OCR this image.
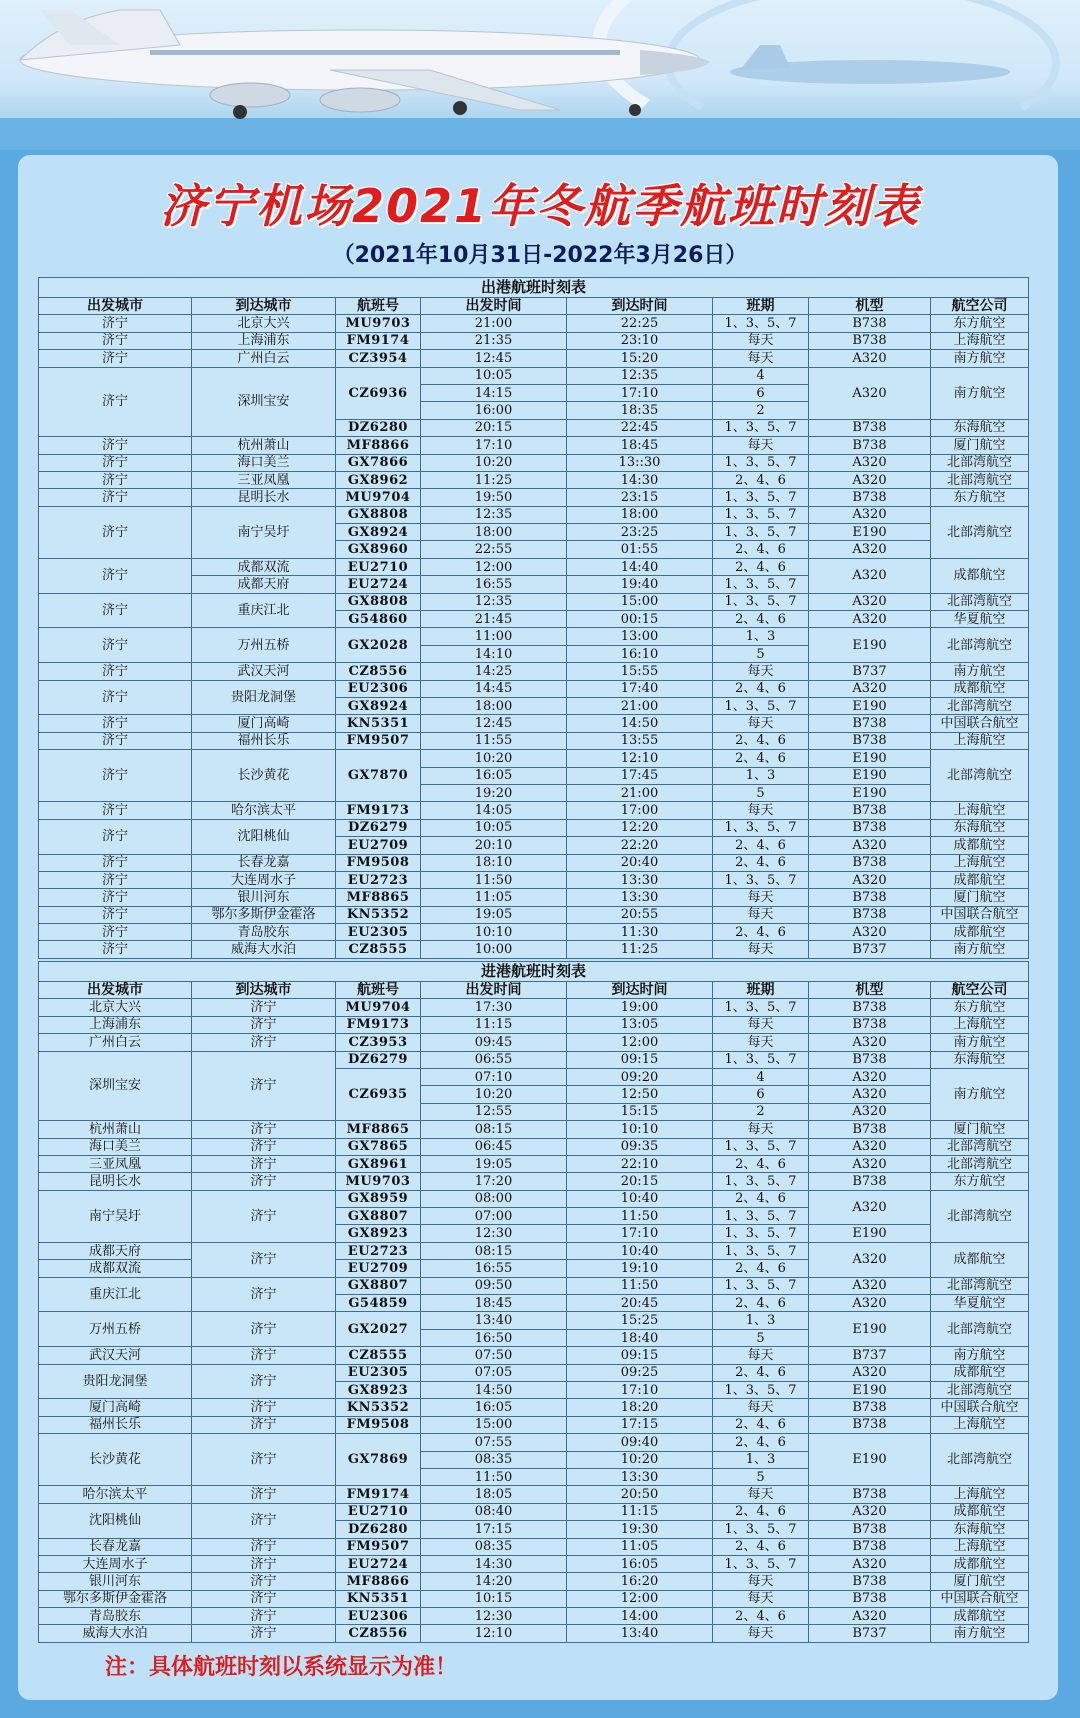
济宁机场2021年冬航季航班时刻表
（2021年10月31日-2022年3月26日）
出港航班时刻表							
出发城市	到达城市	航班号	出发时间	到达时间	班期	机型	航空公司
济宁	北京大兴	MU9703	21:00	22:25	1、3、5、7	B738	东方航空
济宁	上海浦东	FM9174	21:35	23:10	每天	B738	上海航空
济宁	广州白云	CZ3954	12:45	15:20	每天	A320	南方航空
济宁	深圳宝安	CZ6936	10:05	12:35	4	A320	南方航空
			14:15	17:10	6		
			16:00	18:35	2		
		DZ6280	20:15	22:45	1、3、5、7	B738	东海航空
济宁	杭州萧山	MF8866	17:10	18:45	每天	B738	厦门航空
济宁	海口美兰	GX7866	10:20	13::30	1、3、5、7	A320	北部湾航空
济宁	三亚凤凰	GX8962	11:25	14:30	2、4、6	A320	北部湾航空
济宁	昆明长水	MU9704	19:50	23:15	1、3、5、7	B738	东方航空
济宁	南宁吴圩	GX8808	12:35	18:00	1、3、5、7	A320	北部湾航空
		GX8924	18:00	23:25	1、3、5、7	E190	
		GX8960	22:55	01:55	2、4、6	A320	
济宁	成都双流	EU2710	12:00	14:40	2、4、6	A320	成都航空
	成都天府	EU2724	16:55	19:40	1、3、5、7		
济宁	重庆江北	GX8808	12:35	15:00	1、3、5、7	A320	北部湾航空
		G54860	21:45	00:15	2、4、6	A320	华夏航空
济宁	万州五桥	GX2028	11:00	13:00	1、3	E190	北部湾航空
			14:10	16:10	5		
济宁	武汉天河	CZ8556	14:25	15:55	每天	B737	南方航空
济宁	贵阳龙洞堡	EU2306	14:45	17:40	2、4、6	A320	成都航空
		GX8924	18:00	21:00	1、3、5、7	E190	北部湾航空
济宁	厦门高崎	KN5351	12:45	14:50	每天	B738	中国联合航空
济宁	福州长乐	FM9507	11:55	13:55	2、4、6	B738	上海航空
济宁	长沙黄花	GX7870	10:20	12:10	2、4、6	E190	北部湾航空
			16:05	17:45	1、3	E190	
			19:20	21:00	5	E190	
济宁	哈尔滨太平	FM9173	14:05	17:00	每天	B738	上海航空
济宁	沈阳桃仙	DZ6279	10:05	12:20	1、3、5、7	B738	东海航空
		EU2709	20:10	22:20	2、4、6	A320	成都航空
济宁	长春龙嘉	FM9508	18:10	20:40	2、4、6	B738	上海航空
济宁	大连周水子	EU2723	11:50	13:30	1、3、5、7	A320	成都航空
济宁	银川河东	MF8865	11:05	13:30	每天	B738	厦门航空
济宁	鄂尔多斯伊金霍洛	KN5352	19:05	20:55	每天	B738	中国联合航空
济宁	青岛胶东	EU2305	10:10	11:30	2、4、6	A320	成都航空
济宁	威海大水泊	CZ8555	10:00	11:25	每天	B737	南方航空
进港航班时刻表							
出发城市	到达城市	航班号	出发时间	到达时间	班期	机型	航空公司
北京大兴	济宁	MU9704	17:30	19:00	1、3、5、7	B738	东方航空
上海浦东	济宁	FM9173	11:15	13:05	每天	B738	上海航空
广州白云	济宁	CZ3953	09:45	12:00	每天	A320	南方航空
深圳宝安	济宁	DZ6279	06:55	09:15	1、3、5、7	B738	东海航空
		CZ6935	07:10	09:20	4	A320	南方航空
			10:20	12:50	6	A320	
			12:55	15:15	2	A320	
杭州萧山	济宁	MF8865	08:15	10:10	每天	B738	厦门航空
海口美兰	济宁	GX7865	06:45	09:35	1、3、5、7	A320	北部湾航空
三亚凤凰	济宁	GX8961	19:05	22:10	2、4、6	A320	北部湾航空
昆明长水	济宁	MU9703	17:20	20:15	1、3、5、7	B738	东方航空
南宁吴圩	济宁	GX8959	08:00	10:40	2、4、6	A320	北部湾航空
		GX8807	07:00	11:50	1、3、5、7		
		GX8923	12:30	17:10	1、3、5、7	E190	
成都天府	济宁	EU2723	08:15	10:40	1、3、5、7	A320	成都航空
成都双流		EU2709	16:55	19:10	2、4、6		
重庆江北	济宁	GX8807	09:50	11:50	1、3、5、7	A320	北部湾航空
		G54859	18:45	20:45	2、4、6	A320	华夏航空
万州五桥	济宁	GX2027	13:40	15:25	1、3	E190	北部湾航空
			16:50	18:40	5		
武汉天河	济宁	CZ8555	07:50	09:15	每天	B737	南方航空
贵阳龙洞堡	济宁	EU2305	07:05	09:25	2、4、6	A320	成都航空
		GX8923	14:50	17:10	1、3、5、7	E190	北部湾航空
厦门高崎	济宁	KN5352	16:05	18:20	每天	B738	中国联合航空
福州长乐	济宁	FM9508	15:00	17:15	2、4、6	B738	上海航空
长沙黄花	济宁	GX7869	07:55	09:40	2、4、6	E190	北部湾航空
			08:35	10:20	1、3		
			11:50	13:30	5		
哈尔滨太平	济宁	FM9174	18:05	20:50	每天	B738	上海航空
沈阳桃仙	济宁	EU2710	08:40	11:15	2、4、6	A320	成都航空
		DZ6280	17:15	19:30	1、3、5、7	B738	东海航空
长春龙嘉	济宁	FM9507	08:35	11:05	2、4、6	B738	上海航空
大连周水子	济宁	EU2724	14:30	16:05	1、3、5、7	A320	成都航空
银川河东	济宁	MF8866	14:20	16:20	每天	B738	厦门航空
鄂尔多斯伊金霍洛	济宁	KN5351	10:15	12:00	每天	B738	中国联合航空
青岛胶东	济宁	EU2306	12:30	14:00	2、4、6	A320	成都航空
威海大水泊	济宁	CZ8556	12:10	13:40	每天	B737	南方航空
注：具体航班时刻以系统显示为准！
